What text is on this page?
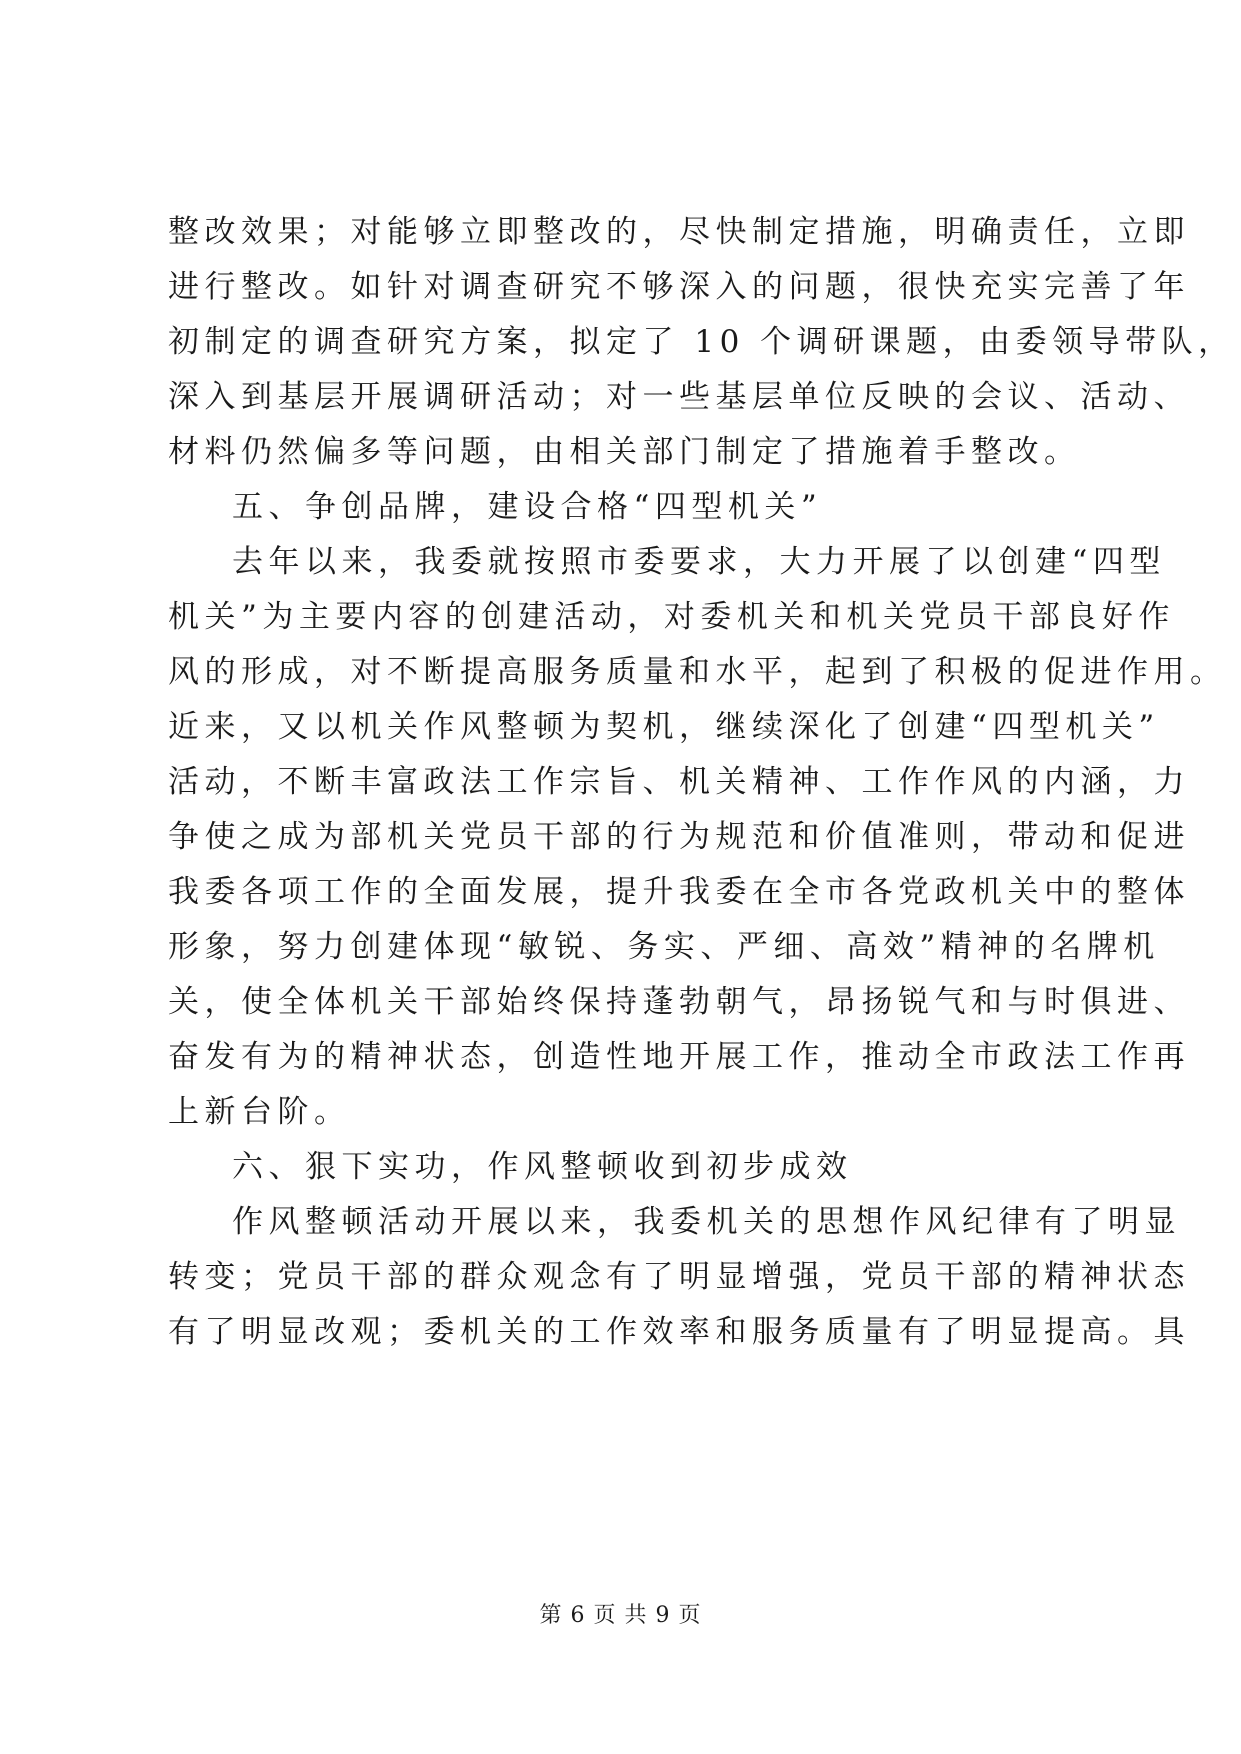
整改效果；对能够立即整改的，尽快制定措施，明确责任，立即
进行整改。如针对调查研究不够深入的问题，很快充实完善了年
初制定的调查研究方案，拟定了 10 个调研课题，由委领导带队，
深入到基层开展调研活动；对一些基层单位反映的会议、活动、
材料仍然偏多等问题，由相关部门制定了措施着手整改。
五、争创品牌，建设合格“四型机关”
去年以来，我委就按照市委要求，大力开展了以创建“四型
机关”为主要内容的创建活动，对委机关和机关党员干部良好作
风的形成，对不断提高服务质量和水平，起到了积极的促进作用。
近来，又以机关作风整顿为契机，继续深化了创建“四型机关”
活动，不断丰富政法工作宗旨、机关精神、工作作风的内涵，力
争使之成为部机关党员干部的行为规范和价值准则，带动和促进
我委各项工作的全面发展，提升我委在全市各党政机关中的整体
形象，努力创建体现“敏锐、务实、严细、高效”精神的名牌机
关，使全体机关干部始终保持蓬勃朝气，昂扬锐气和与时俱进、
奋发有为的精神状态，创造性地开展工作，推动全市政法工作再
上新台阶。
六、狠下实功，作风整顿收到初步成效
作风整顿活动开展以来，我委机关的思想作风纪律有了明显
转变；党员干部的群众观念有了明显增强，党员干部的精神状态
有了明显改观；委机关的工作效率和服务质量有了明显提高。具
第 6 页 共 9 页
